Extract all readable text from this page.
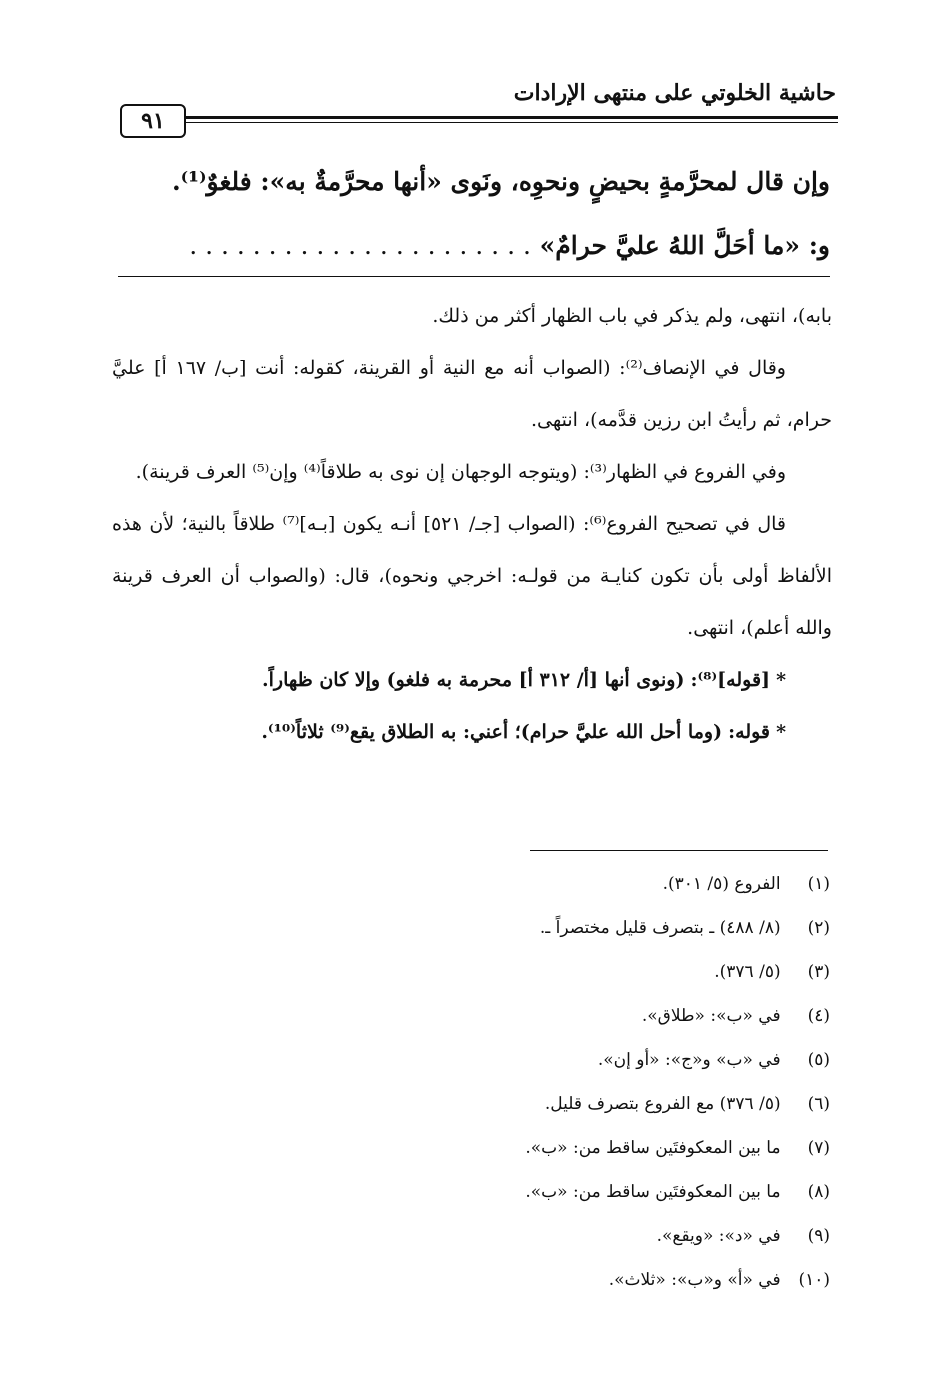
حاشية الخلوتي على منتهى الإرادات
٩١
وإن قال لمحرَّمةٍ بحيضٍ ونحوِه، ونَوى «أنها محرَّمةٌ به»: فلغوٌ⁽¹⁾.
و: «ما أحَلَّ اللهُ عليَّ حرامٌ» . . . . . . . . . . . . . . . . . . . . . .

بابه)، انتهى، ولم يذكر في باب الظهار أكثر من ذلك.

وقال في الإنصاف⁽²⁾: (الصواب أنه مع النية أو القرينة، كقوله: أنت [ب/ ١٦٧ أ] عليَّ حرام، ثم رأيتُ ابن رزين قدَّمه)، انتهى.

وفي الفروع في الظهار⁽³⁾: (ويتوجه الوجهان إن نوى به طلاقاً⁽⁴⁾ وإن⁽⁵⁾ العرف قرينة).

قال في تصحيح الفروع⁽⁶⁾: (الصواب [جـ/ ٥٢١] أنـه يكون [بـه]⁽⁷⁾ طلاقاً بالنية؛ لأن هذه الألفاظ أولى بأن تكون كنايـة من قولـه: اخرجي ونحوه)، قال: (والصواب أن العرف قرينة والله أعلم)، انتهى.

* [قوله]⁽⁸⁾: (ونوى أنها [أ/ ٣١٢ أ] محرمة به فلغو) وإلا كان ظهاراً.

* قوله: (وما أحل الله عليَّ حرام)؛ أعني: به الطلاق يقع⁽⁹⁾ ثلاثاً⁽¹⁰⁾.

(١) الفروع (٥/ ٣٠١).
(٢) (٨/ ٤٨٨) ـ بتصرف قليل مختصراً ـ.
(٣) (٥/ ٣٧٦).
(٤) في «ب»: «طلاق».
(٥) في «ب» و«ج»: «أو إن».
(٦) (٥/ ٣٧٦) مع الفروع بتصرف قليل.
(٧) ما بين المعكوفتَين ساقط من: «ب».
(٨) ما بين المعكوفتَين ساقط من: «ب».
(٩) في «د»: «ويقع».
(١٠) في «أ» و«ب»: «ثلاث».
